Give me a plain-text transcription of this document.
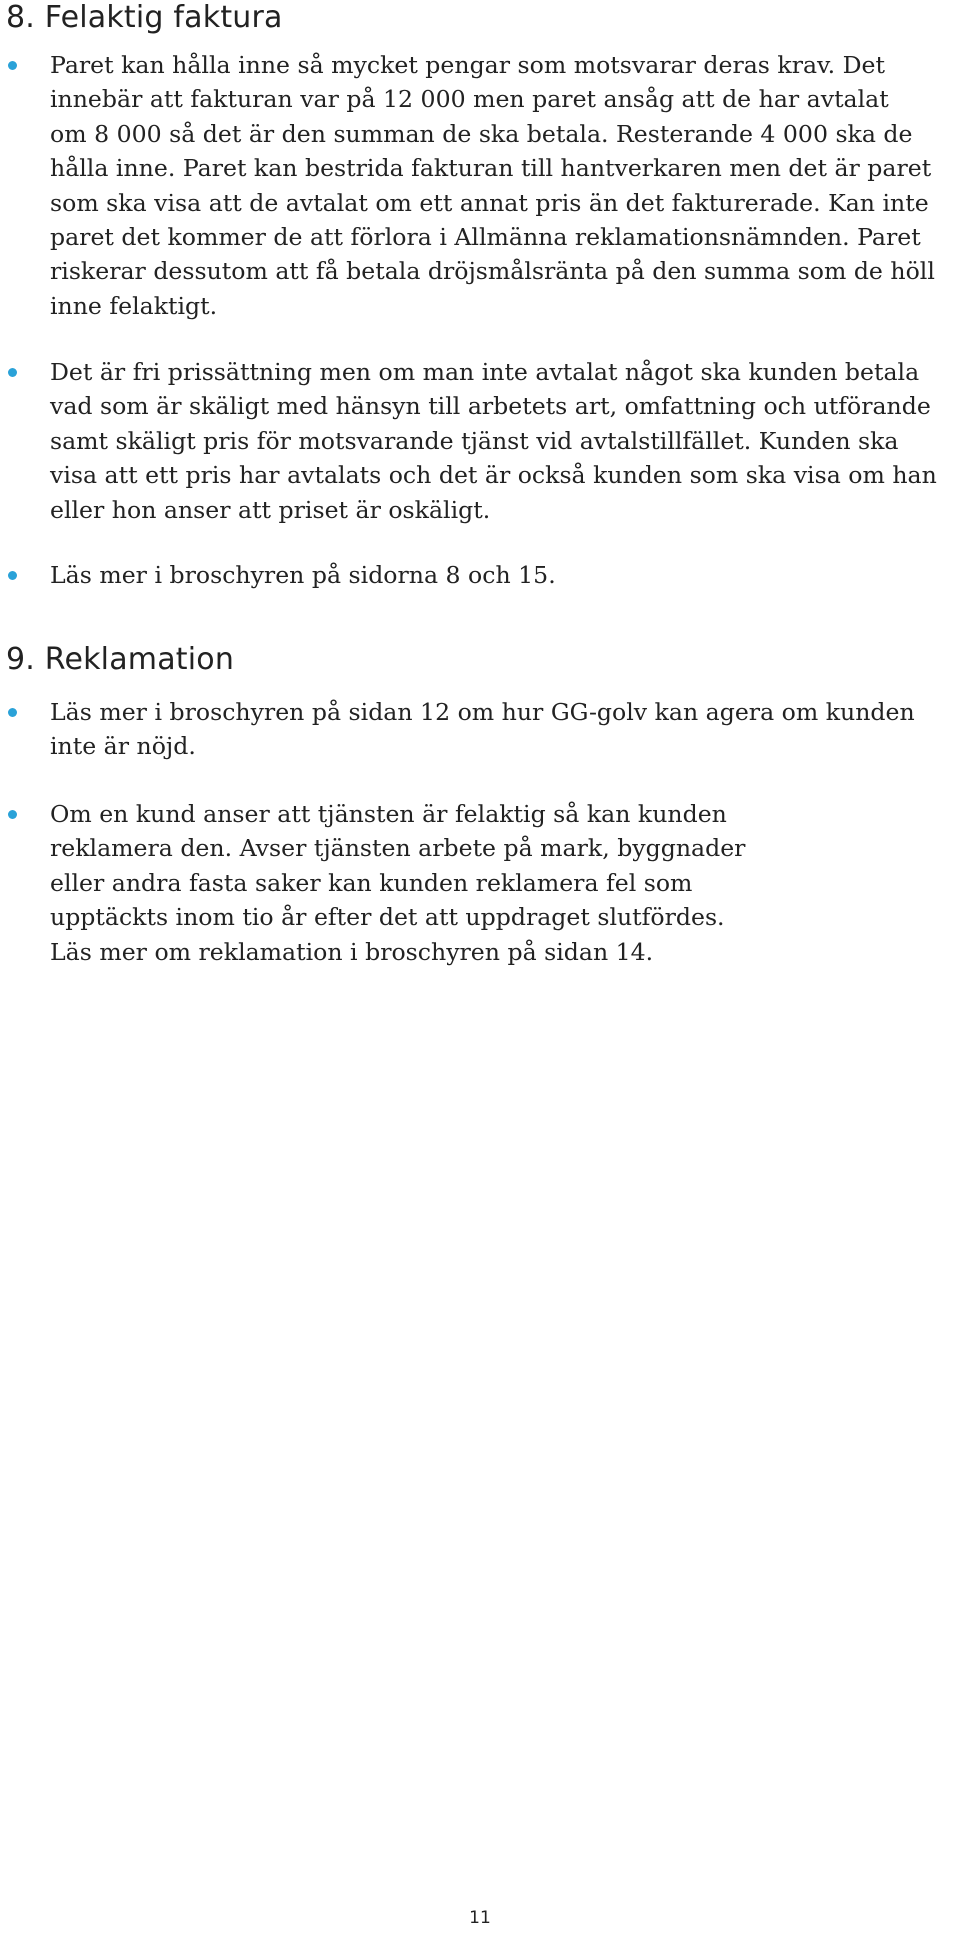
8. Felaktig faktura
Paret kan hålla inne så mycket pengar som motsvarar deras krav. Det
innebär att fakturan var på 12 000 men paret ansåg att de har avtalat
om 8 000 så det är den summan de ska betala. Resterande 4 000 ska de
hålla inne. Paret kan bestrida fakturan till hantverkaren men det är paret
som ska visa att de avtalat om ett annat pris än det fakturerade. Kan inte
paret det kommer de att förlora i Allmänna reklamationsnämnden. Paret
riskerar dessutom att få betala dröjsmålsränta på den summa som de höll
inne felaktigt.
Det är fri prissättning men om man inte avtalat något ska kunden betala
vad som är skäligt med hänsyn till arbetets art, omfattning och utförande
samt skäligt pris för motsvarande tjänst vid avtalstillfället. Kunden ska
visa att ett pris har avtalats och det är också kunden som ska visa om han
eller hon anser att priset är oskäligt.
Läs mer i broschyren på sidorna 8 och 15.
9. Reklamation
Läs mer i broschyren på sidan 12 om hur GG-golv kan agera om kunden
inte är nöjd.
Om en kund anser att tjänsten är felaktig så kan kunden
reklamera den. Avser tjänsten arbete på mark, byggnader
eller andra fasta saker kan kunden reklamera fel som
upptäckts inom tio år efter det att uppdraget slutfördes.
Läs mer om reklamation i broschyren på sidan 14.
11
